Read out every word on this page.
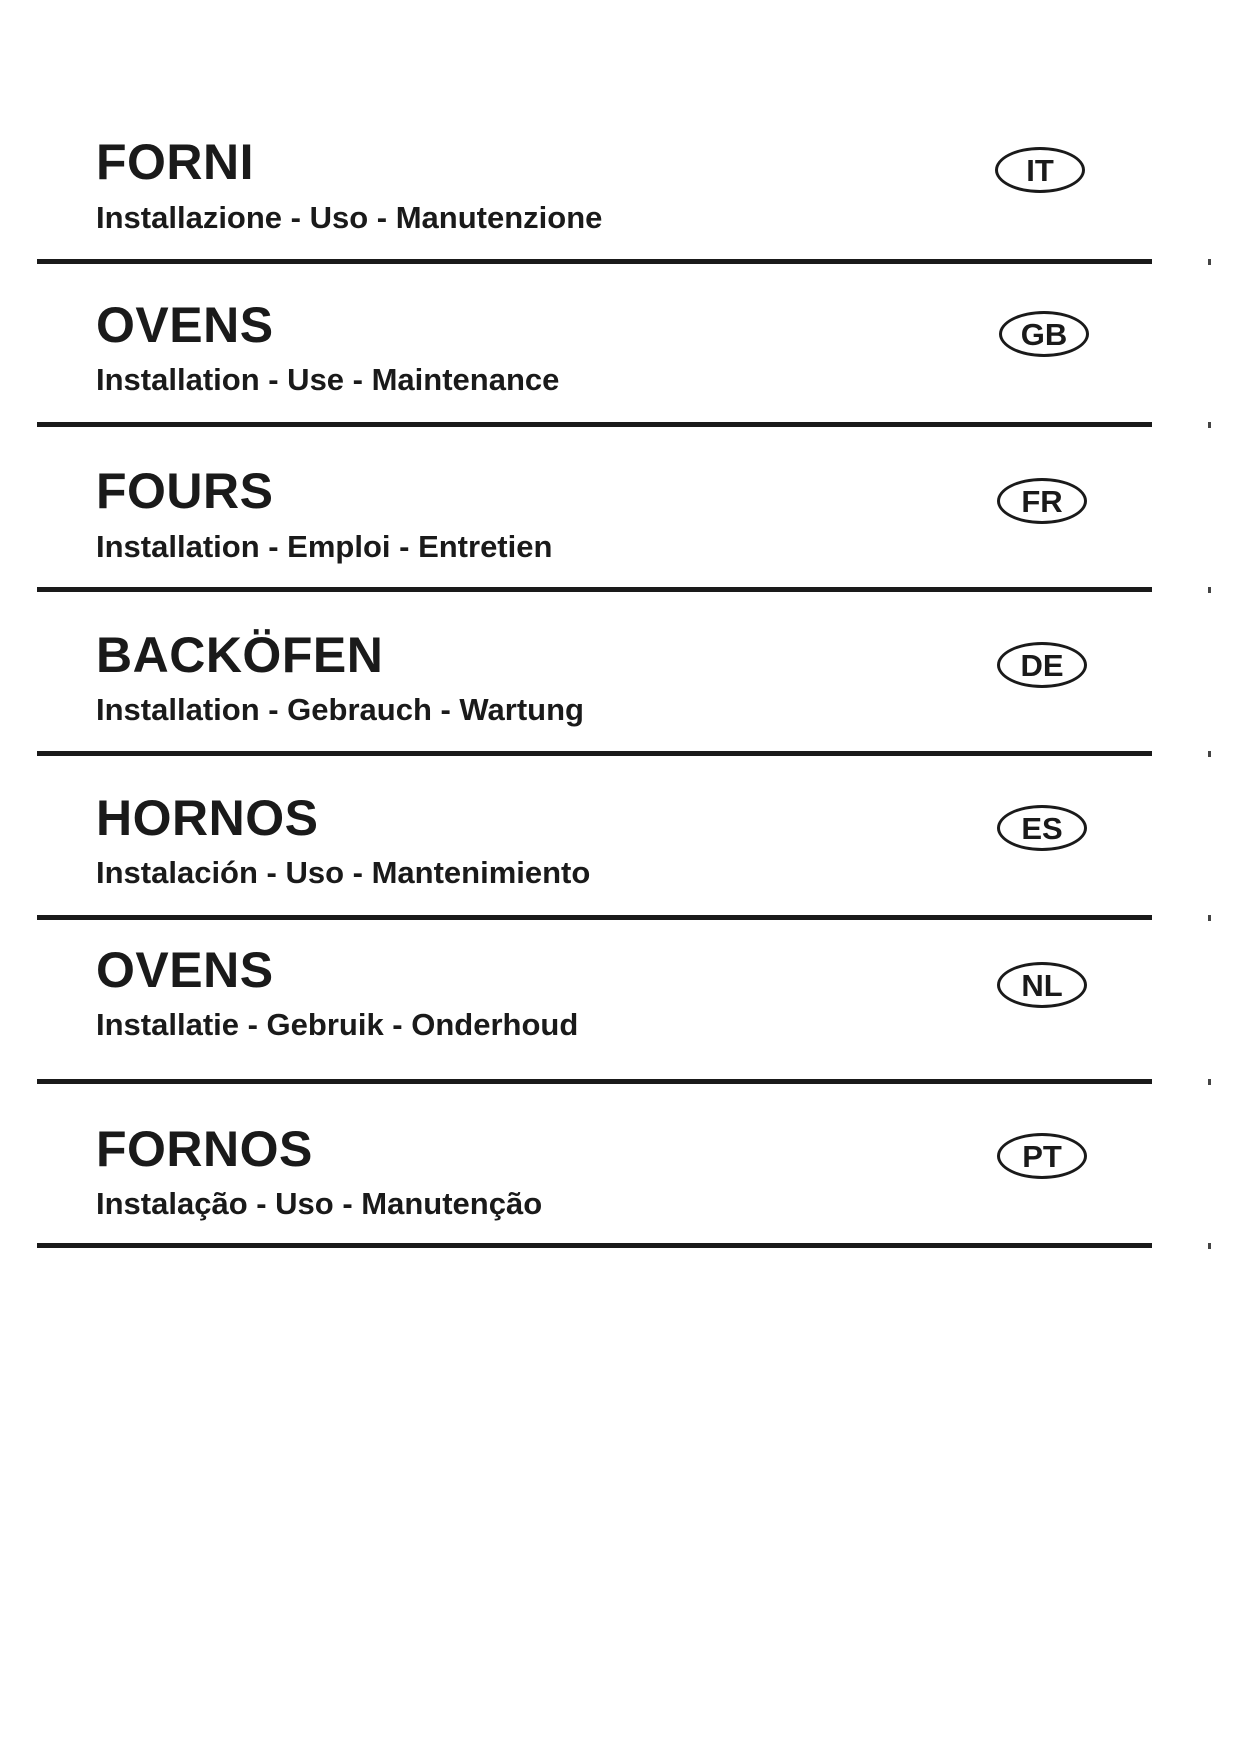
FORNI

Installazione - Uso - Manutenzione

IT
OVENS

Installation - Use - Maintenance

GB
FOURS

Installation - Emploi - Entretien

FR
BACKÖFEN

Installation - Gebrauch - Wartung

DE
HORNOS

Instalación - Uso - Mantenimiento

ES
OVENS

Installatie - Gebruik - Onderhoud

NL
FORNOS

Instalação - Uso - Manutenção

PT
